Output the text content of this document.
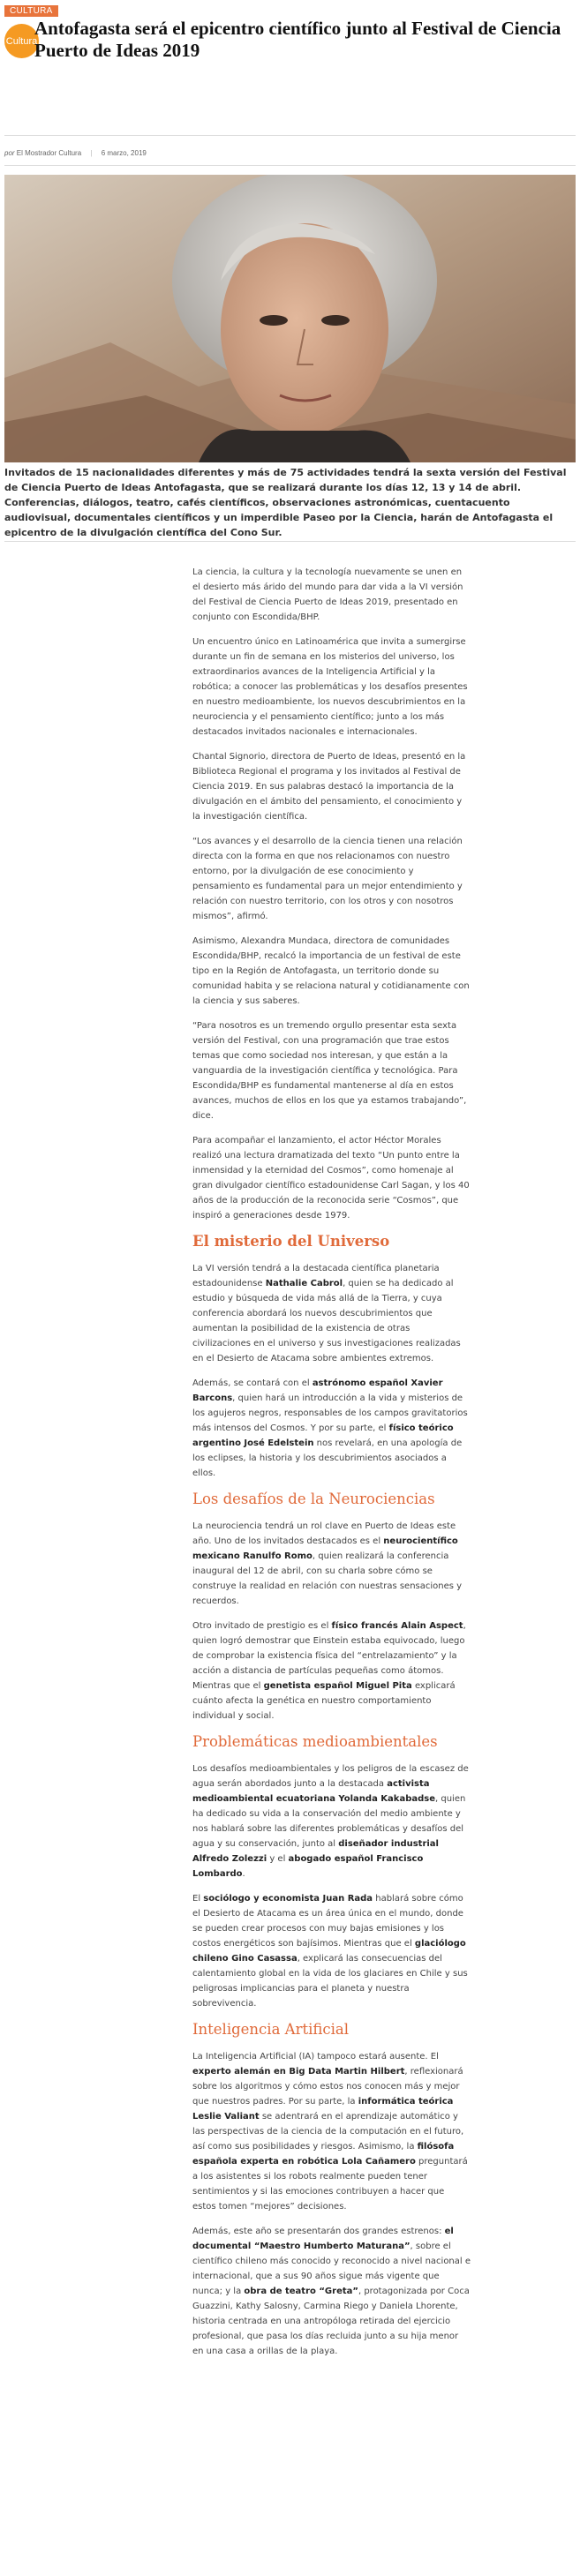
CULTURA
Cultura
Antofagasta será el epicentro científico junto al Festival de Ciencia Puerto de Ideas 2019
por El Mostrador Cultura | 6 marzo, 2019

Invitados de 15 nacionalidades diferentes y más de 75 actividades tendrá la sexta versión del Festival de Ciencia Puerto de Ideas Antofagasta, que se realizará durante los días 12, 13 y 14 de abril. Conferencias, diálogos, teatro, cafés científicos, observaciones astronómicas, cuentacuento audiovisual, documentales científicos y un imperdible Paseo por la Ciencia, harán de Antofagasta el epicentro de la divulgación científica del Cono Sur.

La ciencia, la cultura y la tecnología nuevamente se unen en el desierto más árido del mundo para dar vida a la VI versión del Festival de Ciencia Puerto de Ideas 2019, presentado en conjunto con Escondida/BHP.

Un encuentro único en Latinoamérica que invita a sumergirse durante un fin de semana en los misterios del universo, los extraordinarios avances de la Inteligencia Artificial y la robótica; a conocer las problemáticas y los desafíos presentes en nuestro medioambiente, los nuevos descubrimientos en la neurociencia y el pensamiento científico; junto a los más destacados invitados nacionales e internacionales.

Chantal Signorio, directora de Puerto de Ideas, presentó en la Biblioteca Regional el programa y los invitados al Festival de Ciencia 2019. En sus palabras destacó la importancia de la divulgación en el ámbito del pensamiento, el conocimiento y la investigación científica.

“Los avances y el desarrollo de la ciencia tienen una relación directa con la forma en que nos relacionamos con nuestro entorno, por la divulgación de ese conocimiento y pensamiento es fundamental para un mejor entendimiento y relación con nuestro territorio, con los otros y con nosotros mismos”, afirmó.

Asimismo, Alexandra Mundaca, directora de comunidades Escondida/BHP, recalcó la importancia de un festival de este tipo en la Región de Antofagasta, un territorio donde su comunidad habita y se relaciona natural y cotidianamente con la ciencia y sus saberes.

“Para nosotros es un tremendo orgullo presentar esta sexta versión del Festival, con una programación que trae estos temas que como sociedad nos interesan, y que están a la vanguardia de la investigación científica y tecnológica. Para Escondida/BHP es fundamental mantenerse al día en estos avances, muchos de ellos en los que ya estamos trabajando”, dice.

Para acompañar el lanzamiento, el actor Héctor Morales realizó una lectura dramatizada del texto “Un punto entre la inmensidad y la eternidad del Cosmos”, como homenaje al gran divulgador científico estadounidense Carl Sagan, y los 40 años de la producción de la reconocida serie “Cosmos”, que inspiró a generaciones desde 1979.

El misterio del Universo

La VI versión tendrá a la destacada científica planetaria estadounidense Nathalie Cabrol, quien se ha dedicado al estudio y búsqueda de vida más allá de la Tierra, y cuya conferencia abordará los nuevos descubrimientos que aumentan la posibilidad de la existencia de otras civilizaciones en el universo y sus investigaciones realizadas en el Desierto de Atacama sobre ambientes extremos.

Además, se contará con el astrónomo español Xavier Barcons, quien hará un introducción a la vida y misterios de los agujeros negros, responsables de los campos gravitatorios más intensos del Cosmos. Y por su parte, el físico teórico argentino José Edelstein nos revelará, en una apología de los eclipses, la historia y los descubrimientos asociados a ellos.

Los desafíos de la Neurociencias

La neurociencia tendrá un rol clave en Puerto de Ideas este año. Uno de los invitados destacados es el neurocientífico mexicano Ranulfo Romo, quien realizará la conferencia inaugural del 12 de abril, con su charla sobre cómo se construye la realidad en relación con nuestras sensaciones y recuerdos.

Otro invitado de prestigio es el físico francés Alain Aspect, quien logró demostrar que Einstein estaba equivocado, luego de comprobar la existencia física del “entrelazamiento” y la acción a distancia de partículas pequeñas como átomos. Mientras que el genetista español Miguel Pita explicará cuánto afecta la genética en nuestro comportamiento individual y social.

Problemáticas medioambientales

Los desafíos medioambientales y los peligros de la escasez de agua serán abordados junto a la destacada activista medioambiental ecuatoriana Yolanda Kakabadse, quien ha dedicado su vida a la conservación del medio ambiente y nos hablará sobre las diferentes problemáticas y desafíos del agua y su conservación, junto al diseñador industrial Alfredo Zolezzi y el abogado español Francisco Lombardo.

El sociólogo y economista Juan Rada hablará sobre cómo el Desierto de Atacama es un área única en el mundo, donde se pueden crear procesos con muy bajas emisiones y los costos energéticos son bajísimos. Mientras que el glaciólogo chileno Gino Casassa, explicará las consecuencias del calentamiento global en la vida de los glaciares en Chile y sus peligrosas implicancias para el planeta y nuestra sobrevivencia.

Inteligencia Artificial

La Inteligencia Artificial (IA) tampoco estará ausente. El experto alemán en Big Data Martin Hilbert, reflexionará sobre los algoritmos y cómo estos nos conocen más y mejor que nuestros padres. Por su parte, la informática teórica Leslie Valiant se adentrará en el aprendizaje automático y las perspectivas de la ciencia de la computación en el futuro, así como sus posibilidades y riesgos. Asimismo, la filósofa española experta en robótica Lola Cañamero preguntará a los asistentes si los robots realmente pueden tener sentimientos y si las emociones contribuyen a hacer que estos tomen “mejores” decisiones.

Además, este año se presentarán dos grandes estrenos: el documental “Maestro Humberto Maturana”, sobre el científico chileno más conocido y reconocido a nivel nacional e internacional, que a sus 90 años sigue más vigente que nunca; y la obra de teatro “Greta”, protagonizada por Coca Guazzini, Kathy Salosny, Carmina Riego y Daniela Lhorente, historia centrada en una antropóloga retirada del ejercicio profesional, que pasa los días recluida junto a su hija menor en una casa a orillas de la playa.
